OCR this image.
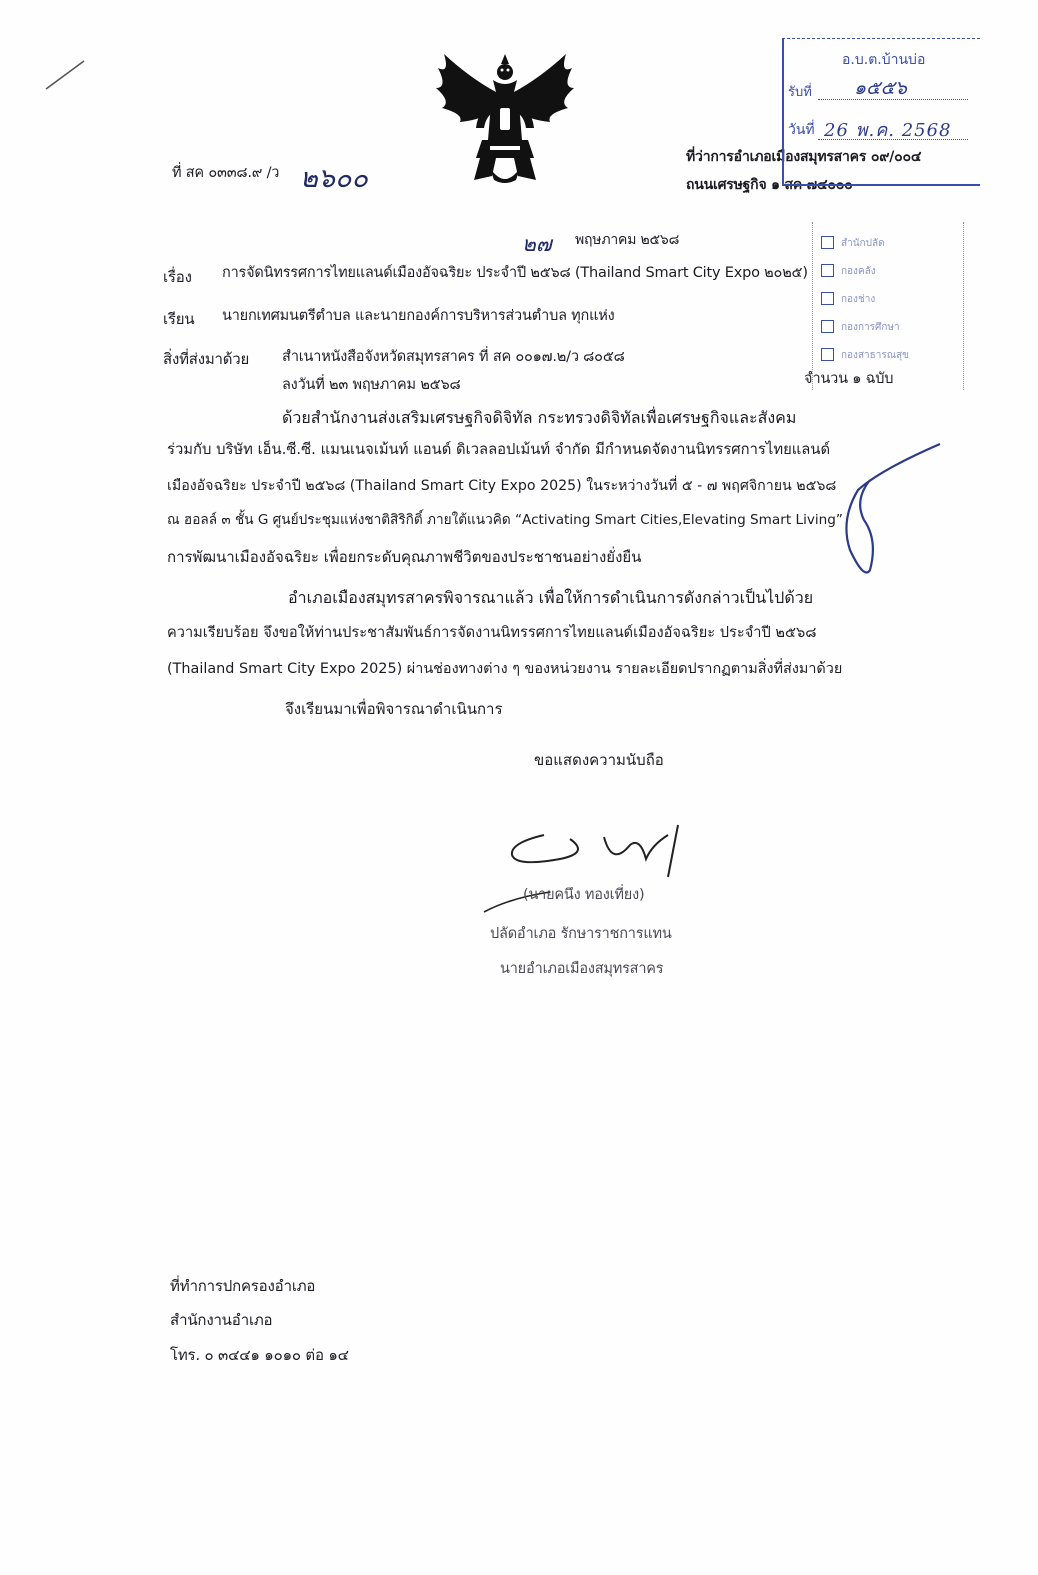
ที่ สค ๐๓๓๘.๙ /ว ๒๖๐๐
ที่ว่าการอำเภอเมืองสมุทรสาคร ๐๙/๐๐๔
ถนนเศรษฐกิจ ๑ สค ๗๔๐๐๐
อ.บ.ต.บ้านบ่อ
รับที่ ๑๕๕๖
วันที่ 26 พ.ค. 2568
๒๗ พฤษภาคม ๒๕๖๘	สำนักปลัด
กองคลัง
กองช่าง
กองการศึกษา
กองสาธารณสุข
เรื่อง การจัดนิทรรศการไทยแลนด์เมืองอัจฉริยะ ประจำปี ๒๕๖๘ (Thailand Smart City Expo ๒๐๒๕)
เรียน นายกเทศมนตรีตำบล และนายกองค์การบริหารส่วนตำบล ทุกแห่ง
สิ่งที่ส่งมาด้วย สำเนาหนังสือจังหวัดสมุทรสาคร ที่ สค ๐๐๑๗.๒/ว ๘๐๕๘
ลงวันที่ ๒๓ พฤษภาคม ๒๕๖๘	จำนวน ๑ ฉบับ
ด้วยสำนักงานส่งเสริมเศรษฐกิจดิจิทัล กระทรวงดิจิทัลเพื่อเศรษฐกิจและสังคม
ร่วมกับ บริษัท เอ็น.ซี.ซี. แมนเนจเม้นท์ แอนด์ ดิเวลลอปเม้นท์ จำกัด มีกำหนดจัดงานนิทรรศการไทยแลนด์
เมืองอัจฉริยะ ประจำปี ๒๕๖๘ (Thailand Smart City Expo 2025) ในระหว่างวันที่ ๕ - ๗ พฤศจิกายน ๒๕๖๘
ณ ฮอลล์ ๓ ชั้น G ศูนย์ประชุมแห่งชาติสิริกิติ์ ภายใต้แนวคิด “Activating Smart Cities,Elevating Smart Living”
การพัฒนาเมืองอัจฉริยะ เพื่อยกระดับคุณภาพชีวิตของประชาชนอย่างยั่งยืน
อำเภอเมืองสมุทรสาครพิจารณาแล้ว เพื่อให้การดำเนินการดังกล่าวเป็นไปด้วย
ความเรียบร้อย จึงขอให้ท่านประชาสัมพันธ์การจัดงานนิทรรศการไทยแลนด์เมืองอัจฉริยะ ประจำปี ๒๕๖๘
(Thailand Smart City Expo 2025) ผ่านช่องทางต่าง ๆ ของหน่วยงาน รายละเอียดปรากฏตามสิ่งที่ส่งมาด้วย
จึงเรียนมาเพื่อพิจารณาดำเนินการ
ขอแสดงความนับถือ
(นายคนึง ทองเที่ยง)
ปลัดอำเภอ รักษาราชการแทน
นายอำเภอเมืองสมุทรสาคร
ที่ทำการปกครองอำเภอ
สำนักงานอำเภอ
โทร. ๐ ๓๔๔๑ ๑๐๑๐ ต่อ ๑๔
